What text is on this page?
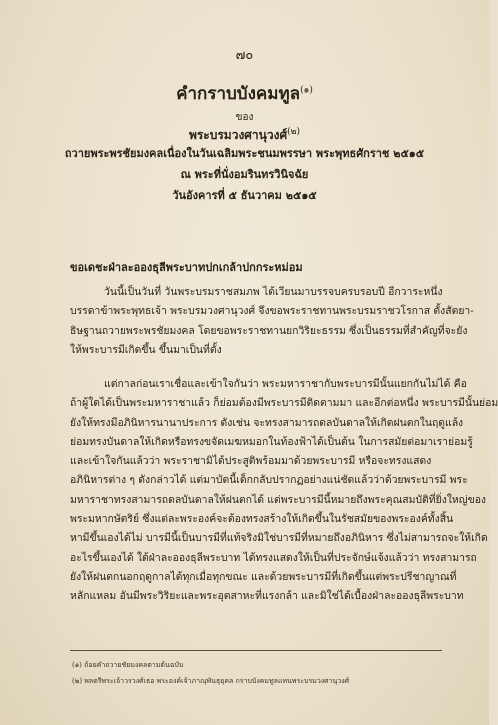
๗๐
คำกราบบังคมทูล$^{(๑)}$
ของ
พระบรมวงศานุวงศ์$^{(๒)}$
ถวายพระพรชัยมงคลเนื่องในวันเฉลิมพระชนมพรรษา พระพุทธศักราช ๒๕๑๕
ณ พระที่นั่งอมรินทรวินิจฉัย
วันอังคารที่ ๕ ธันวาคม ๒๕๑๕
ขอเดชะฝ่าละอองธุลีพระบาทปกเกล้าปกกระหม่อม
วันนี้เป็นวันที่ วันพระบรมราชสมภพ ได้เวียนมาบรรจบครบรอบปี อีกวาระหนึ่ง
บรรดาข้าพระพุทธเจ้า พระบรมวงศานุวงศ์ จึงขอพระราชทานพระบรมราชวโรกาส ตั้งสัตยา-
ธิษฐานถวายพระพรชัยมงคล โดยขอพระราชทานยกวิริยะธรรม ซึ่งเป็นธรรมที่สำคัญที่จะยัง
ให้พระบารมีเกิดขึ้น ขึ้นมาเป็นที่ตั้ง
แต่กาลก่อนเราเชื่อและเข้าใจกันว่า พระมหาราชากับพระบารมีนั้นแยกกันไม่ได้ คือ
ถ้าผู้ใดได้เป็นพระมหาราชาแล้ว ก็ย่อมต้องมีพระบารมีติดตามมา และอีกต่อหนึ่ง พระบารมีนั้นย่อม
ยังให้ทรงมีอภินิหารนานาประการ ดังเช่น จะทรงสามารถดลบันดาลให้เกิดฝนตกในฤดูแล้ง
ย่อมทรงบันดาลให้เกิดหรือทรงขจัดเมฆหมอกในท้องฟ้าได้เป็นต้น ในการสมัยต่อมาเราย่อมรู้
และเข้าใจกันแล้วว่า พระราชามิได้ประสูติพร้อมมาด้วยพระบารมี หรือจะทรงแสดง
อภินิหารต่าง ๆ ดังกล่าวได้ แต่มาบัดนี้เด็กกลับปรากฏอย่างแน่ชัดแล้วว่าด้วยพระบารมี พระ
มหาราชาทรงสามารถดลบันดาลให้ฝนตกได้ แต่พระบารมีนี้หมายถึงพระคุณสมบัติที่ยิ่งใหญ่ของ
พระมหากษัตริย์ ซึ่งแต่ละพระองค์จะต้องทรงสร้างให้เกิดขึ้นในรัชสมัยของพระองค์ทั้งสิ้น
หามีขึ้นเองได้ไม่ บารมีนี้เป็นบารมีที่แท้จริงมิใช่บารมีที่หมายถึงอภินิหาร ซึ่งไม่สามารถจะให้เกิด
อะไรขึ้นเองได้ ใต้ฝ่าละอองธุลีพระบาท ได้ทรงแสดงให้เป็นที่ประจักษ์แจ้งแล้วว่า ทรงสามารถ
ยังให้ฝนตกนอกฤดูกาลได้ทุกเมื่อทุกขณะ และด้วยพระบารมีที่เกิดขึ้นแต่พระปรีชาญาณที่
หลักแหลม อันมีพระวิริยะและพระอุตสาหะที่แรงกล้า และมิใช่ได้เบื้องฝ่าละอองธุลีพระบาท
(๑) ถ้อยคำถวายชัยมงคลตามต้นฉบับ
(๒) พลตรีพระเจ้าวรวงศ์เธอ พระองค์เจ้าภาณุพันธุยุคล กราบบังคมทูลแทนพระบรมวงศานุวงศ์
